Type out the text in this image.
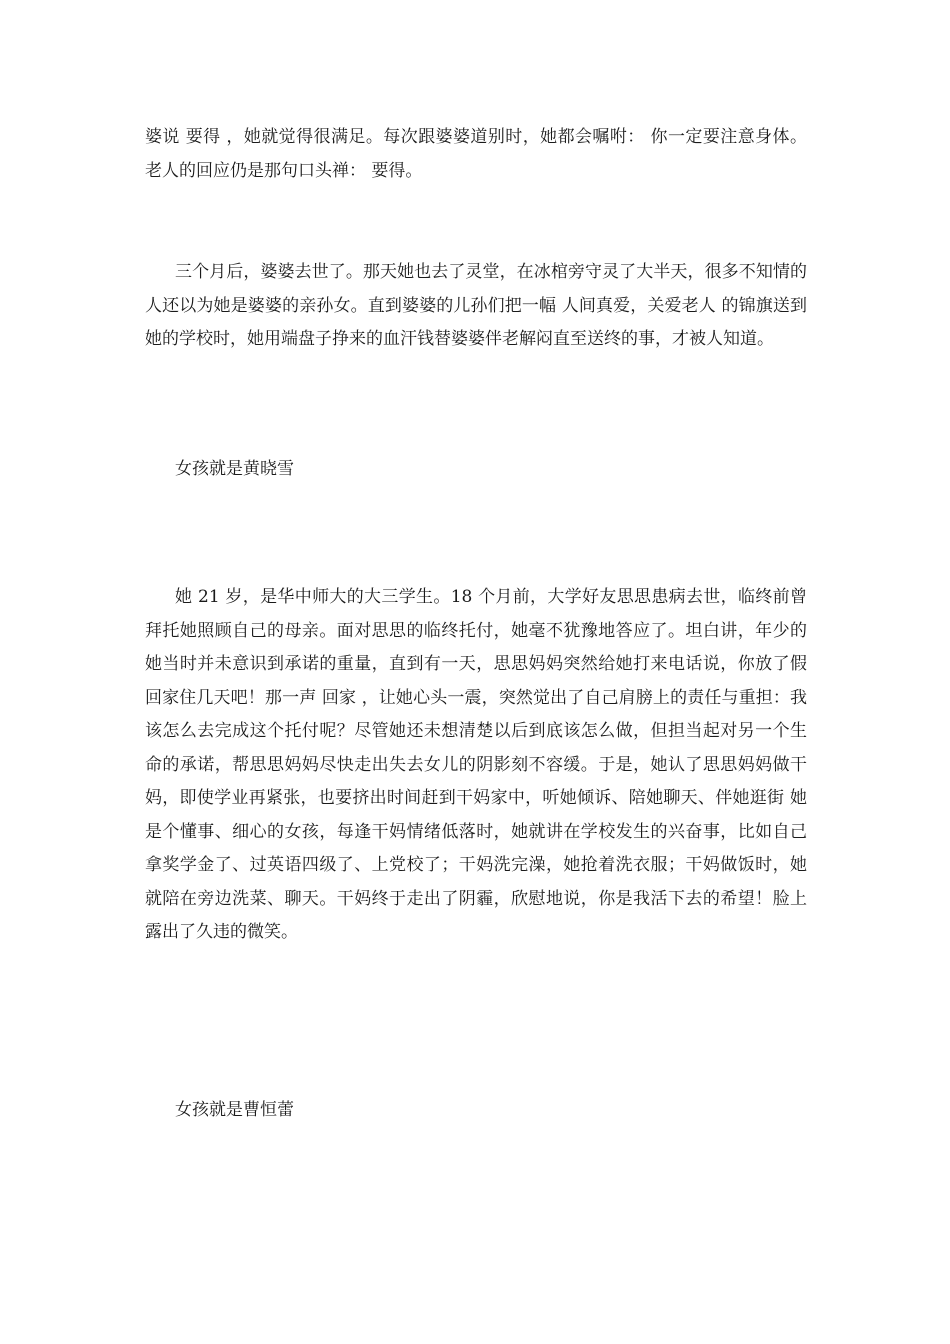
婆说 要得 ，她就觉得很满足。每次跟婆婆道别时，她都会嘱咐： 你一定要注意身体。 老人的回应仍是那句口头禅： 要得。

三个月后，婆婆去世了。那天她也去了灵堂，在冰棺旁守灵了大半天，很多不知情的人还以为她是婆婆的亲孙女。直到婆婆的儿孙们把一幅 人间真爱，关爱老人 的锦旗送到她的学校时，她用端盘子挣来的血汗钱替婆婆伴老解闷直至送终的事，才被人知道。

女孩就是黄晓雪

她 21 岁，是华中师大的大三学生。18 个月前，大学好友思思患病去世，临终前曾拜托她照顾自己的母亲。面对思思的临终托付，她毫不犹豫地答应了。坦白讲，年少的她当时并未意识到承诺的重量，直到有一天，思思妈妈突然给她打来电话说，你放了假回家住几天吧！那一声 回家 ，让她心头一震，突然觉出了自己肩膀上的责任与重担：我该怎么去完成这个托付呢？尽管她还未想清楚以后到底该怎么做，但担当起对另一个生命的承诺，帮思思妈妈尽快走出失去女儿的阴影刻不容缓。于是，她认了思思妈妈做干妈，即使学业再紧张，也要挤出时间赶到干妈家中，听她倾诉、陪她聊天、伴她逛街 她是个懂事、细心的女孩，每逢干妈情绪低落时，她就讲在学校发生的兴奋事，比如自己拿奖学金了、过英语四级了、上党校了；干妈洗完澡，她抢着洗衣服；干妈做饭时，她就陪在旁边洗菜、聊天。干妈终于走出了阴霾，欣慰地说，你是我活下去的希望！脸上露出了久违的微笑。

女孩就是曹恒蕾
